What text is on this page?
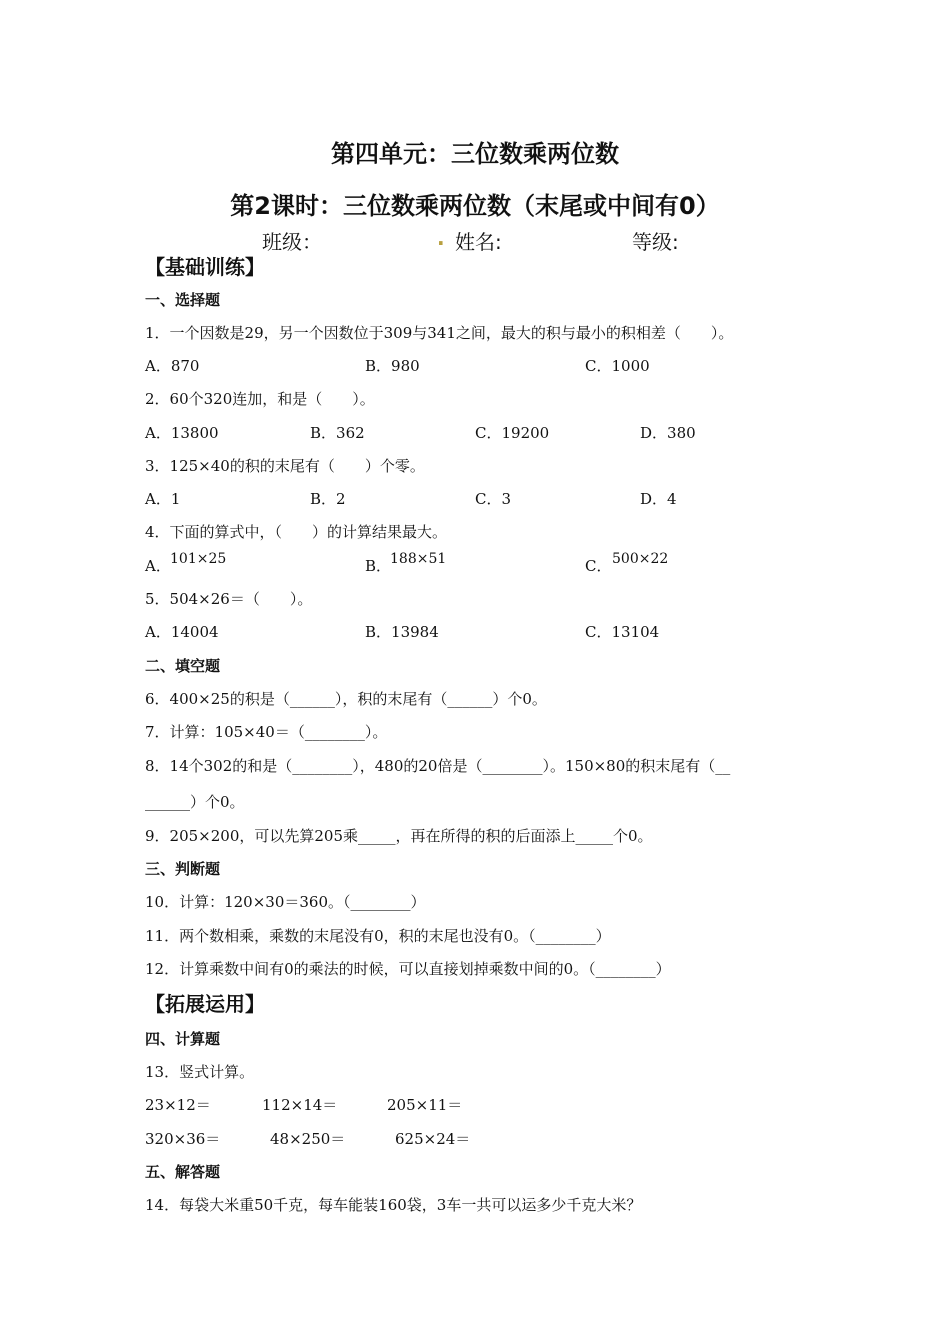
第四单元：三位数乘两位数
第2课时：三位数乘两位数（末尾或中间有0）
班级：	. 姓名:	等级:
【基础训练】
一、选择题
1．一个因数是29，另一个因数位于309与341之间，最大的积与最小的积相差（　　）。
A．870	B．980	C．1000
2．60个320连加，和是（　　）。
A．13800	B．362	C．19200	D．380
3．125×40的积的末尾有（　　）个零。
A．1	B．2	C．3	D．4
4．下面的算式中，（　　）的计算结果最大。
A． 101×25	B．
188×51	C． 500×22
5．504×26＝（　　）。
A．14004	B．13984	C．13104
二、填空题
6．400×25的积是（______），积的末尾有（______）个0。
7．计算：105×40＝（________）。
8．14个302的和是（________），480的20倍是（________）。150×80的积末尾有（__
______）个0。
9．205×200，可以先算205乘_____，再在所得的积的后面添上_____个0。
三、判断题
10．计算：120×30＝360。（________）
11．两个数相乘，乘数的末尾没有0，积的末尾也没有0。（________）
12．计算乘数中间有0的乘法的时候，可以直接划掉乘数中间的0。（________）
【拓展运用】
四、计算题
13．竖式计算。
23×12＝	112×14＝	205×11＝
320×36＝	48×250＝	625×24＝
五、解答题
14．每袋大米重50千克，每车能装160袋，3车一共可以运多少千克大米？
